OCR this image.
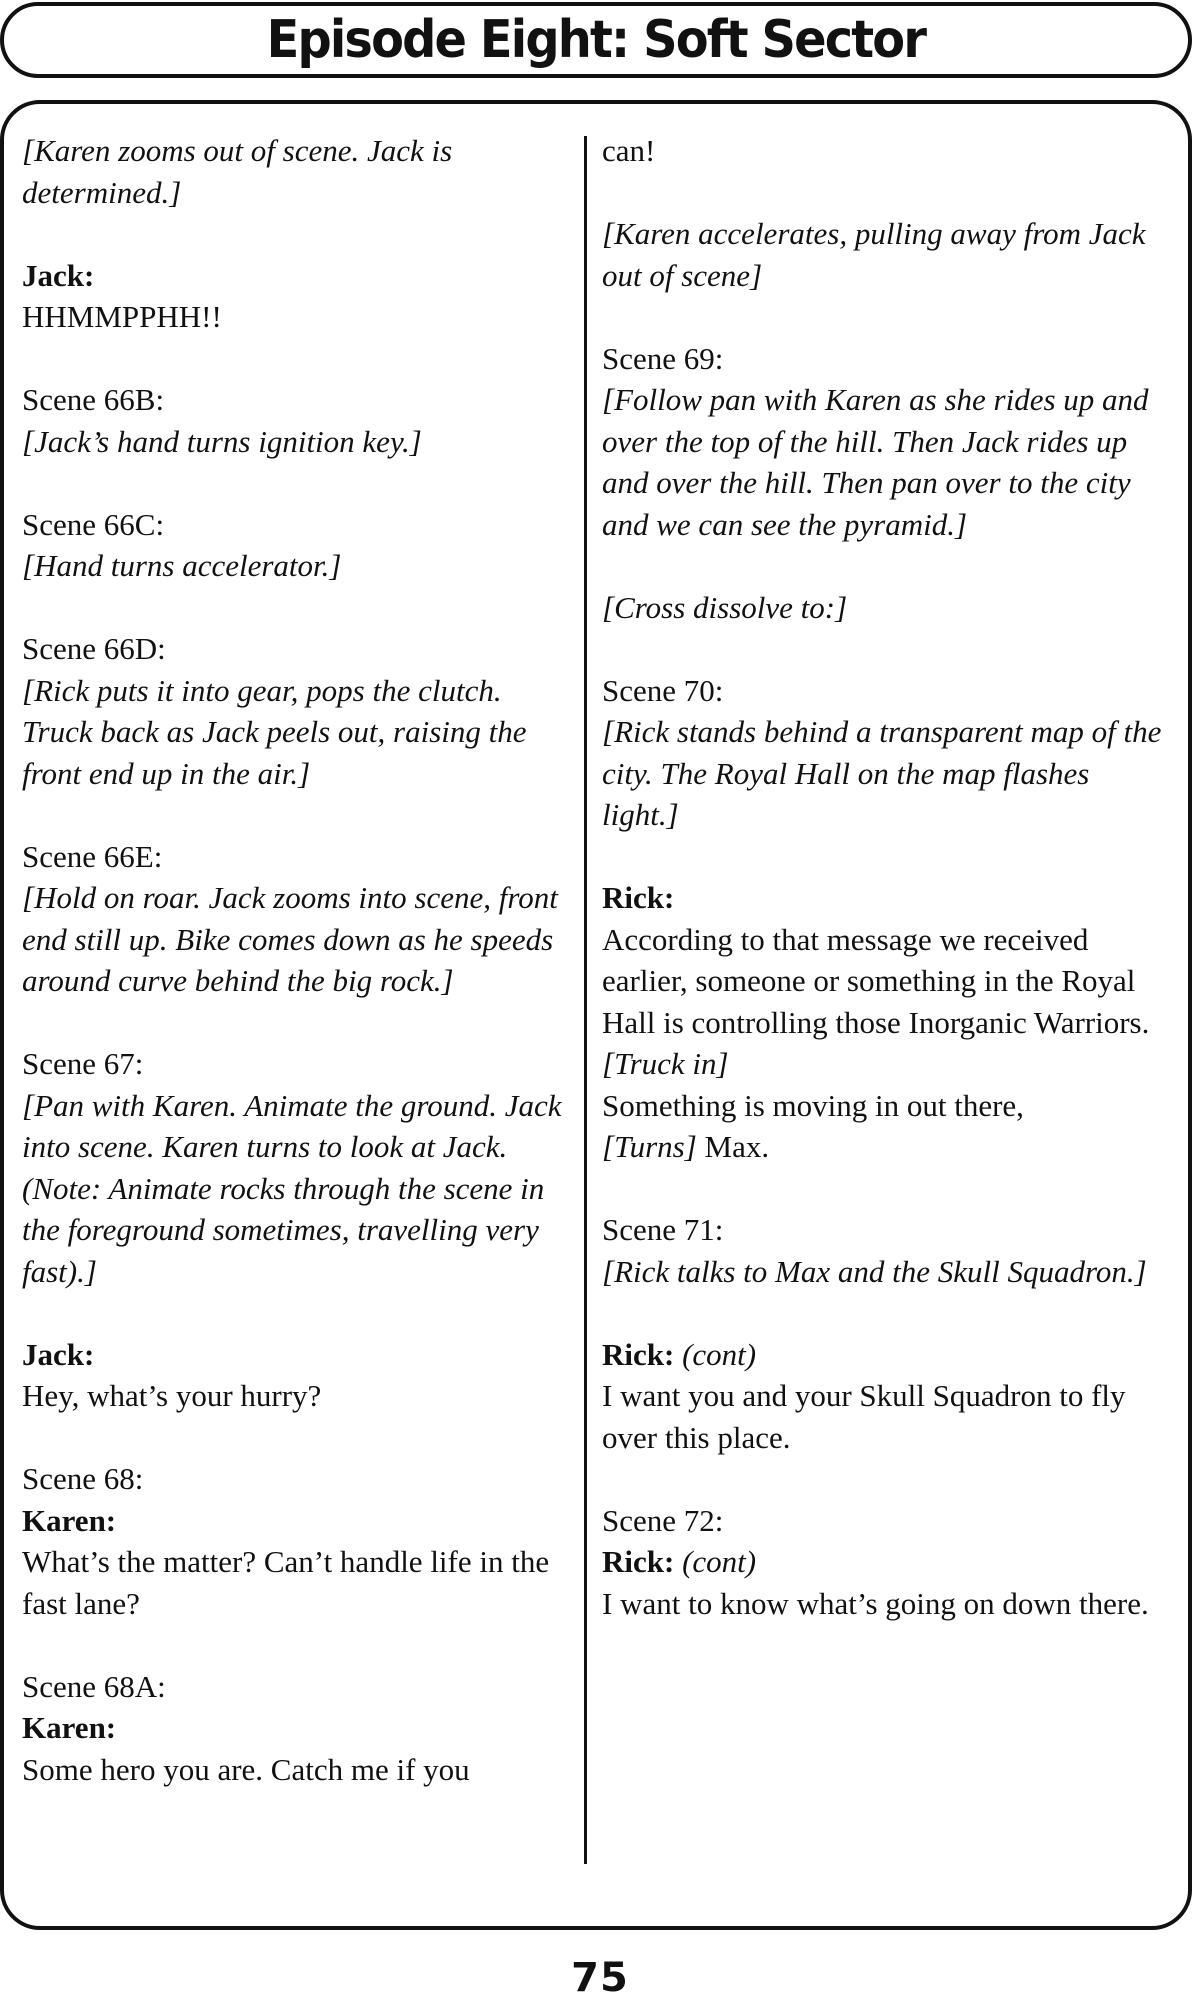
Episode Eight: Soft Sector
[Karen zooms out of scene. Jack is determined.]
Jack:
HHMMPPHH!!
Scene 66B:
[Jack’s hand turns ignition key.]
Scene 66C:
[Hand turns accelerator.]
Scene 66D:
[Rick puts it into gear, pops the clutch. Truck back as Jack peels out, raising the front end up in the air.]
Scene 66E:
[Hold on roar. Jack zooms into scene, front end still up. Bike comes down as he speeds around curve behind the big rock.]
Scene 67:
[Pan with Karen. Animate the ground. Jack into scene. Karen turns to look at Jack. (Note: Animate rocks through the scene in the foreground sometimes, travelling very fast).]
Jack:
Hey, what’s your hurry?
Scene 68:
Karen:
What’s the matter? Can’t handle life in the fast lane?
Scene 68A:
Karen:
Some hero you are. Catch me if you
can!
[Karen accelerates, pulling away from Jack out of scene]
Scene 69:
[Follow pan with Karen as she rides up and over the top of the hill. Then Jack rides up and over the hill. Then pan over to the city and we can see the pyramid.]
[Cross dissolve to:]
Scene 70:
[Rick stands behind a transparent map of the city. The Royal Hall on the map flashes light.]
Rick:
According to that message we received earlier, someone or something in the Royal Hall is controlling those Inorganic Warriors.
[Truck in]
Something is moving in out there,
[Turns] Max.
Scene 71:
[Rick talks to Max and the Skull Squadron.]
Rick: (cont)
I want you and your Skull Squadron to fly over this place.
Scene 72:
Rick: (cont)
I want to know what’s going on down there.
75
